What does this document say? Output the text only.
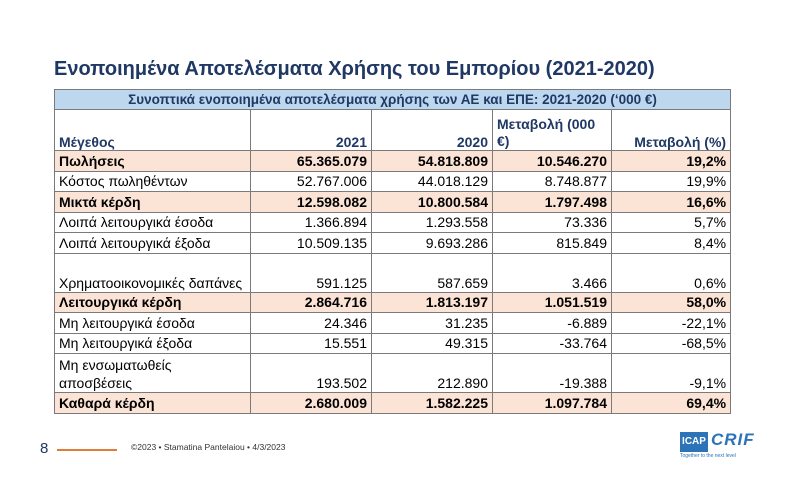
Ενοποιημένα Αποτελέσματα Χρήσης του Εμπορίου (2021-2020)
Συνοπτικά ενοποιημένα αποτελέσματα χρήσης των ΑΕ και ΕΠΕ: 2021-2020 (‘000 €)				
Μέγεθος	2021	2020	Μεταβολή (000 €)	Μεταβολή (%)
Πωλήσεις	65.365.079	54.818.809	10.546.270	19,2%
Κόστος πωληθέντων	52.767.006	44.018.129	8.748.877	19,9%
Μικτά κέρδη	12.598.082	10.800.584	1.797.498	16,6%
Λοιπά λειτουργικά έσοδα	1.366.894	1.293.558	73.336	5,7%
Λοιπά λειτουργικά έξοδα	10.509.135	9.693.286	815.849	8,4%
Χρηματοοικονομικές δαπάνες	591.125	587.659	3.466	0,6%
Λειτουργικά κέρδη	2.864.716	1.813.197	1.051.519	58,0%
Μη λειτουργικά έσοδα	24.346	31.235	-6.889	-22,1%
Μη λειτουργικά έξοδα	15.551	49.315	-33.764	-68,5%
Μη ενσωματωθείς αποσβέσεις	193.502	212.890	-19.388	-9,1%
Καθαρά κέρδη	2.680.009	1.582.225	1.097.784	69,4%
8	©2023 • Stamatina Pantelaiou • 4/3/2023	ICAP CRIF
Together to the next level
